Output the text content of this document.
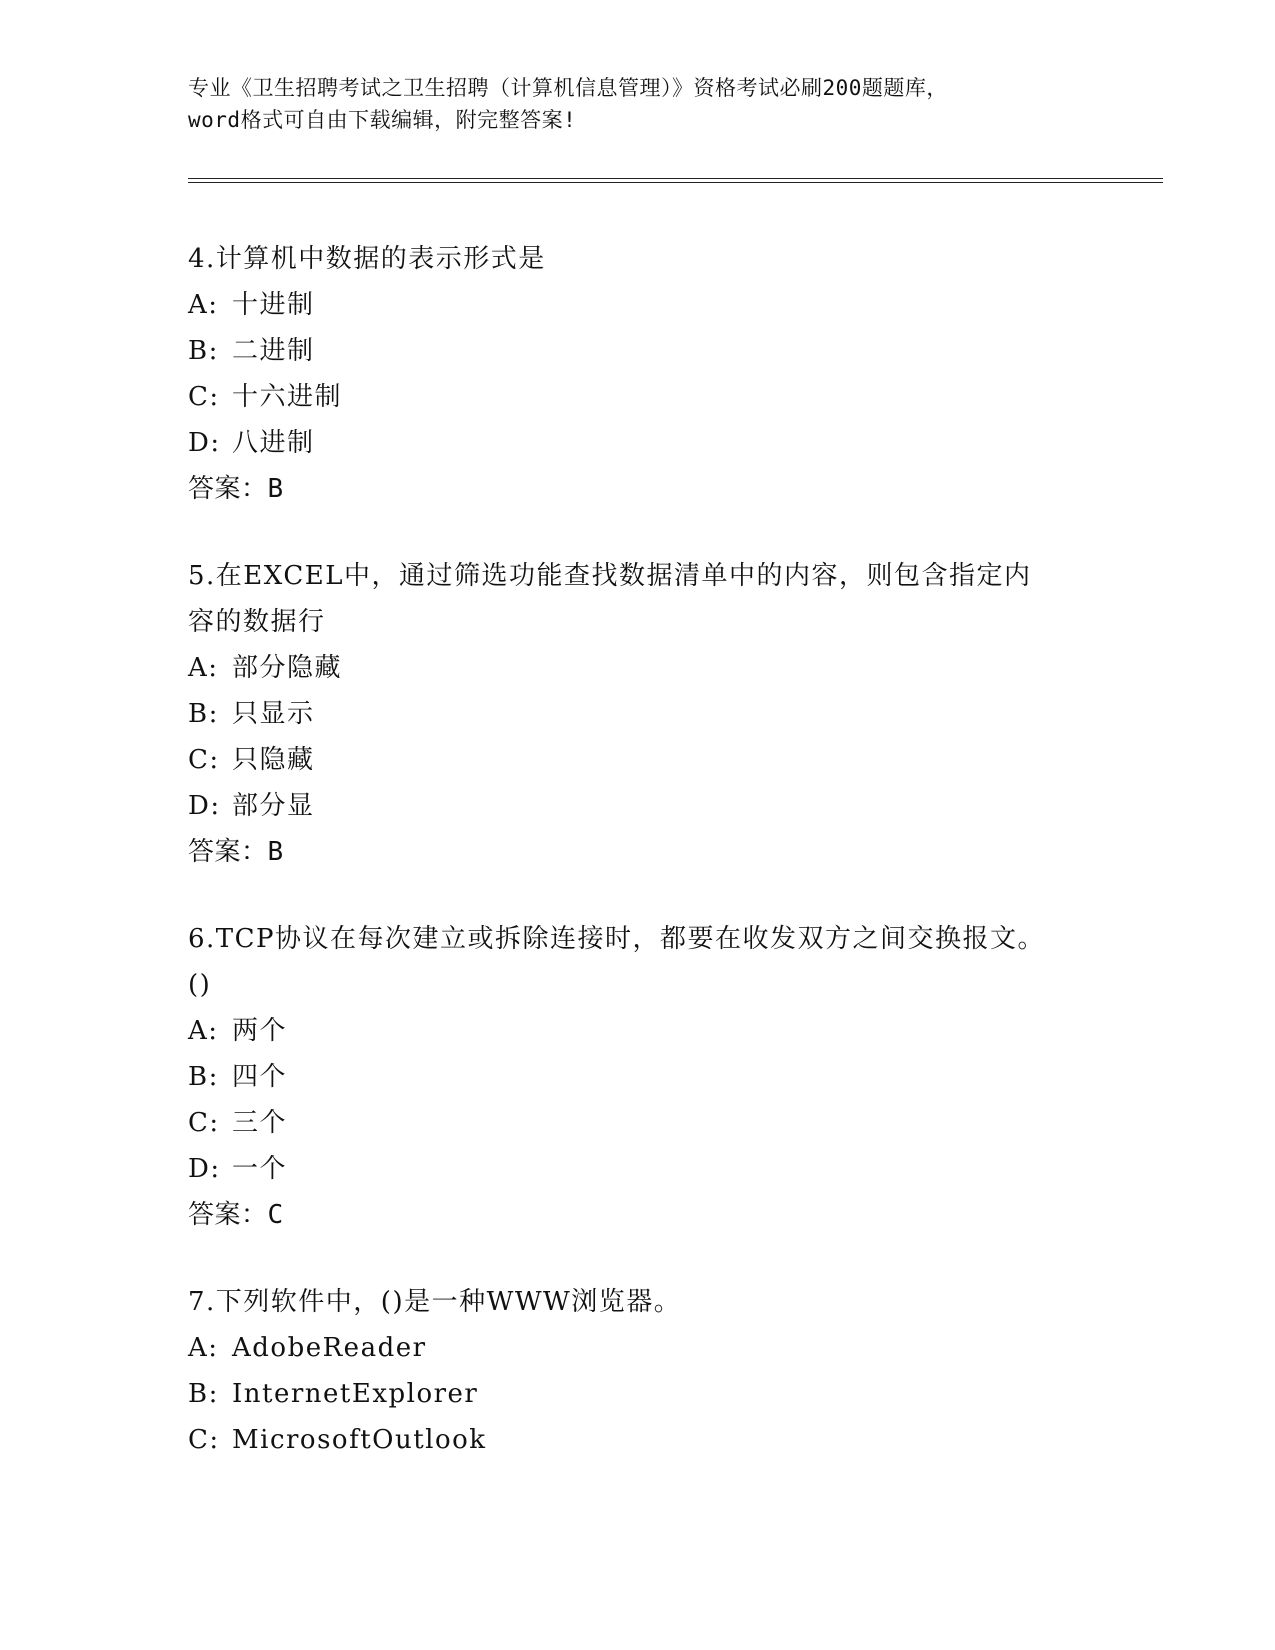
专业《卫生招聘考试之卫生招聘（计算机信息管理）》资格考试必刷200题题库，
word格式可自由下载编辑，附完整答案!
4.计算机中数据的表示形式是
A: 十进制
B: 二进制
C: 十六进制
D: 八进制
答案：B
5.在EXCEL中，通过筛选功能查找数据清单中的内容，则包含指定内
容的数据行
A: 部分隐藏
B: 只显示
C: 只隐藏
D: 部分显
答案：B
6.TCP协议在每次建立或拆除连接时，都要在收发双方之间交换报文。
()
A: 两个
B: 四个
C: 三个
D: 一个
答案：C
7.下列软件中，()是一种WWW浏览器。
A: AdobeReader
B: InternetExplorer
C: MicrosoftOutlook
